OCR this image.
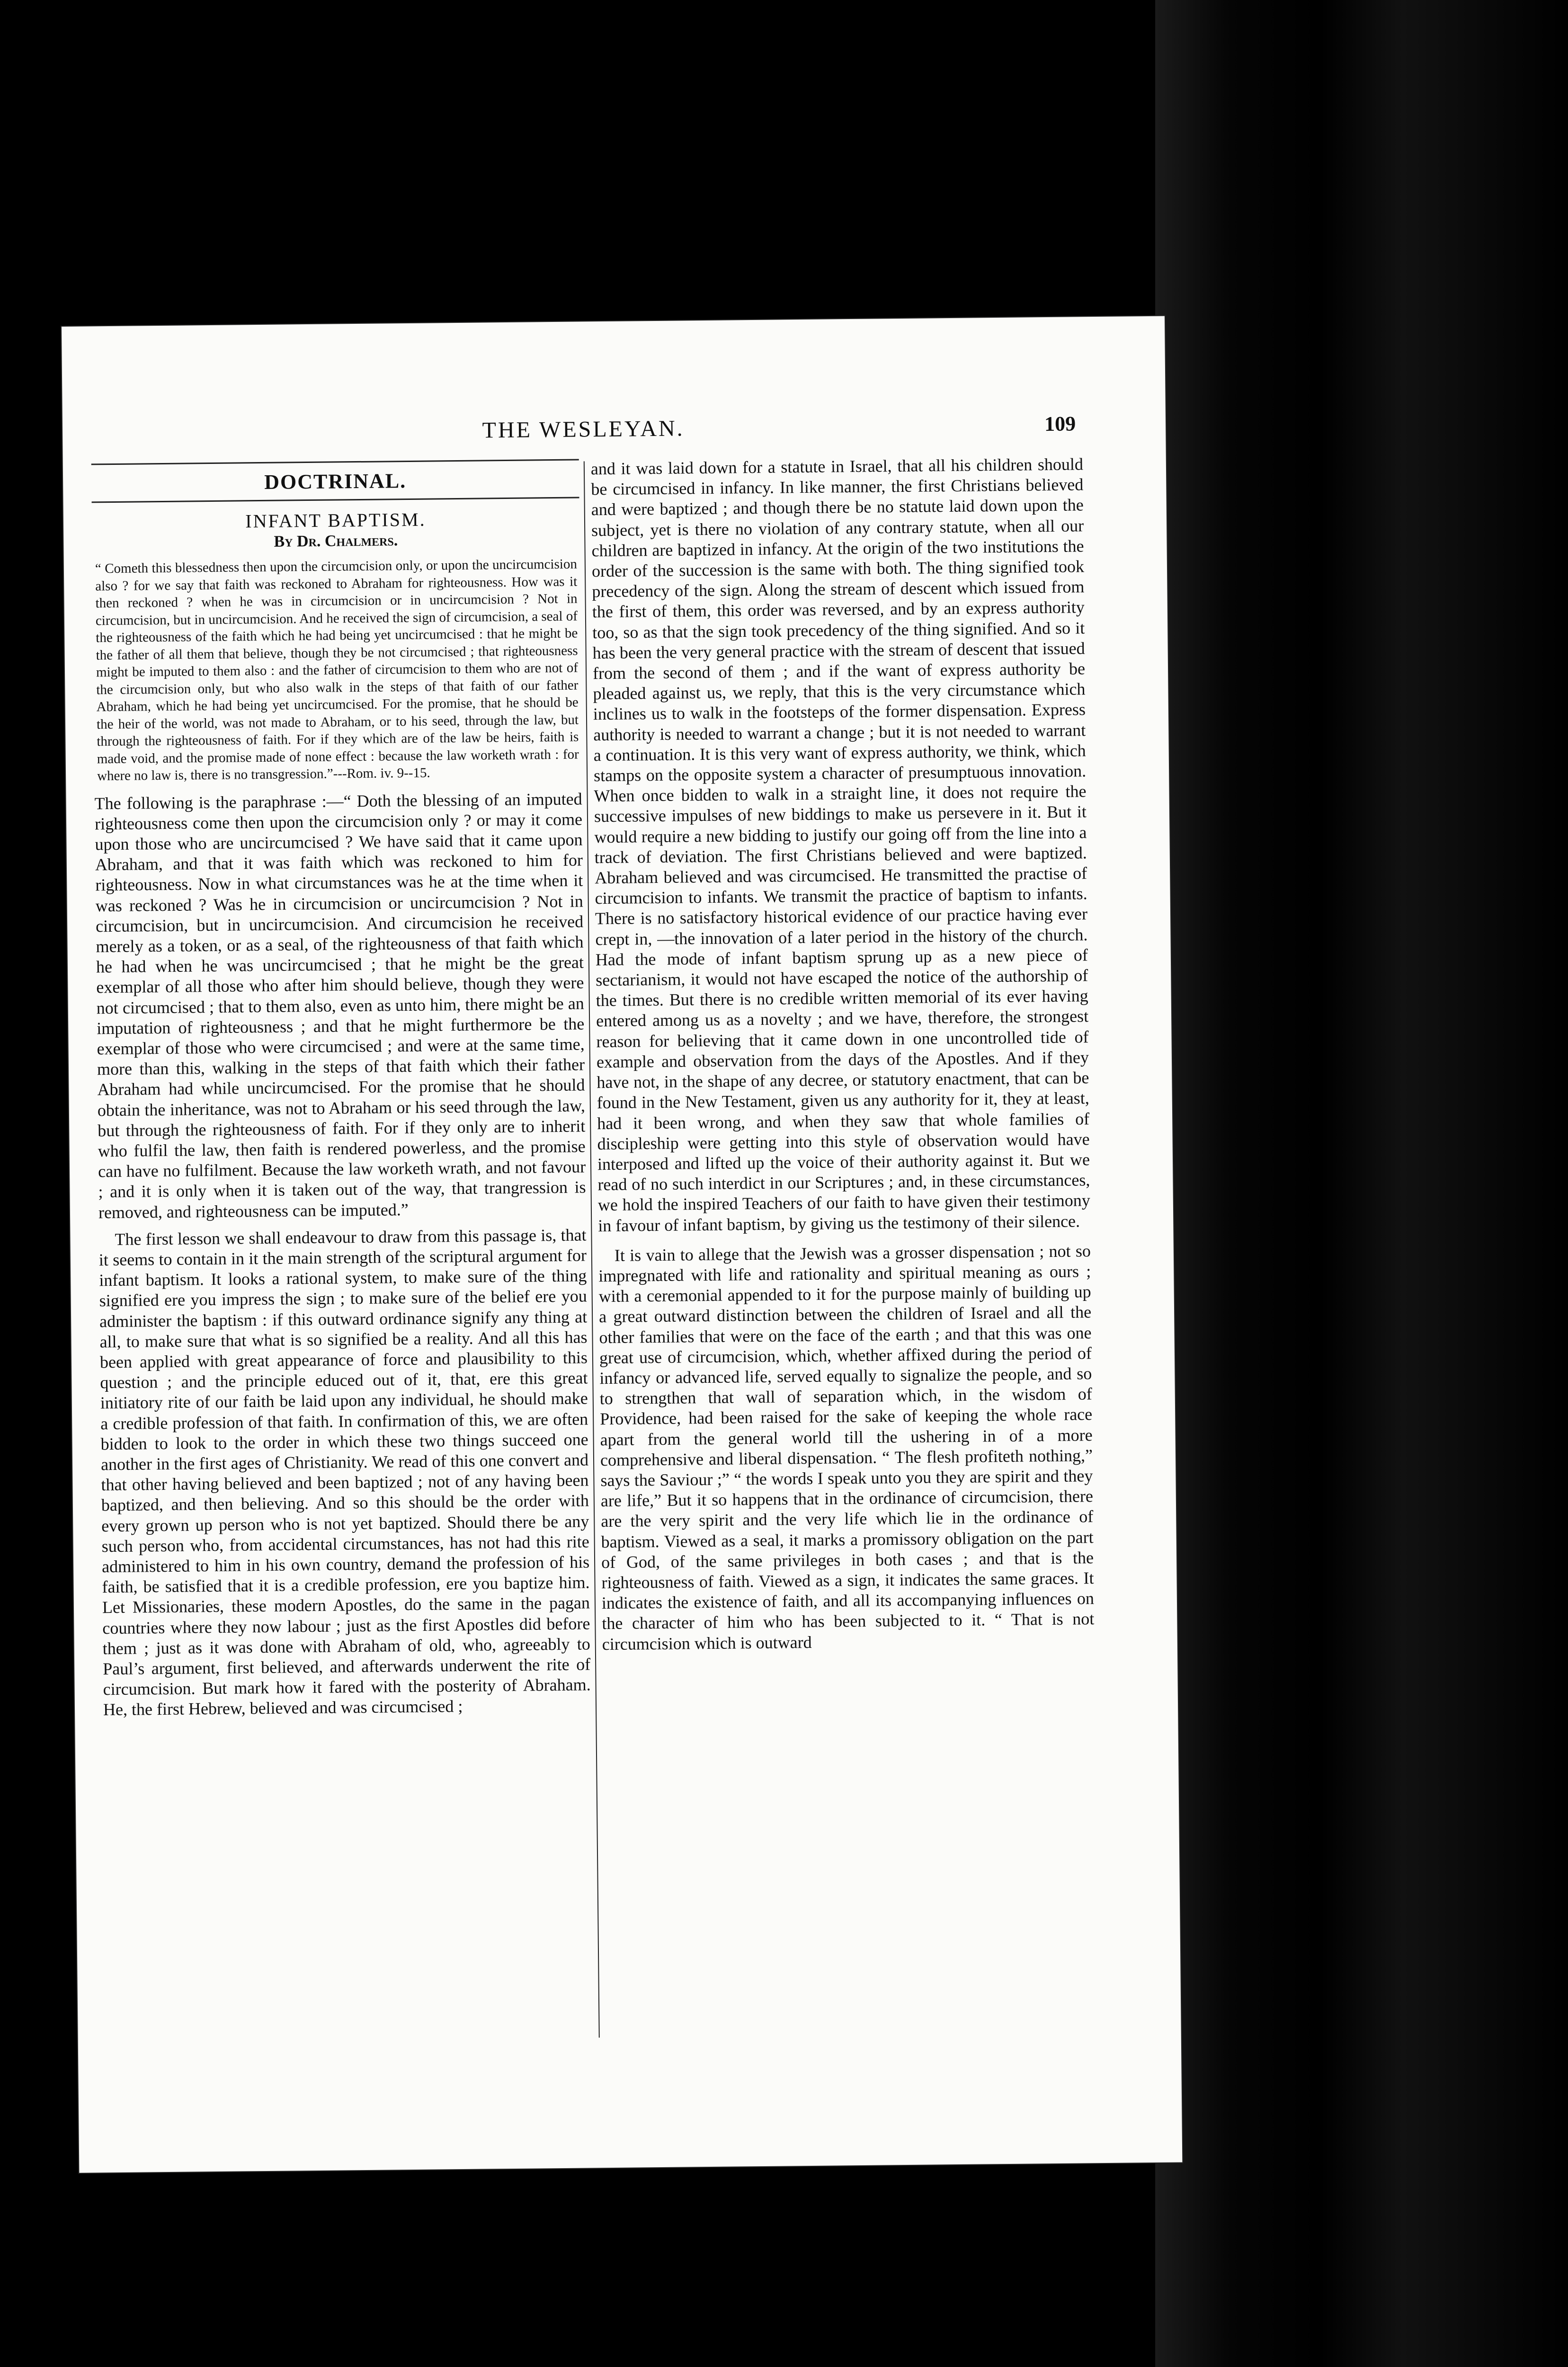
THE WESLEYAN.	109
DOCTRINAL.
INFANT BAPTISM.
By Dr. Chalmers.

“ Cometh this blessedness then upon the circumcision only, or upon the uncircumcision also ? for we say that faith was reckoned to Abraham for righteousness. How was it then reckoned ? when he was in circumcision or in uncircumcision ? Not in circumcision, but in uncircumcision. And he received the sign of circumcision, a seal of the righteousness of the faith which he had being yet uncircumcised : that he might be the father of all them that believe, though they be not circumcised ; that righteousness might be imputed to them also : and the father of circumcision to them who are not of the circumcision only, but who also walk in the steps of that faith of our father Abraham, which he had being yet uncircumcised. For the promise, that he should be the heir of the world, was not made to Abraham, or to his seed, through the law, but through the righteousness of faith. For if they which are of the law be heirs, faith is made void, and the promise made of none effect : because the law worketh wrath : for where no law is, there is no transgression.”---Rom. iv. 9--15.

The following is the paraphrase :—“ Doth the blessing of an imputed righteousness come then upon the circumcision only ? or may it come upon those who are uncircumcised ? We have said that it came upon Abraham, and that it was faith which was reckoned to him for righteousness. Now in what circumstances was he at the time when it was reckoned ? Was he in circumcision or uncircumcision ? Not in circumcision, but in uncircumcision. And circumcision he received merely as a token, or as a seal, of the righteousness of that faith which he had when he was uncircumcised ; that he might be the great exemplar of all those who after him should believe, though they were not circumcised ; that to them also, even as unto him, there might be an imputation of righteousness ; and that he might furthermore be the exemplar of those who were circumcised ; and were at the same time, more than this, walking in the steps of that faith which their father Abraham had while uncircumcised. For the promise that he should obtain the inheritance, was not to Abraham or his seed through the law, but through the righteousness of faith. For if they only are to inherit who fulfil the law, then faith is rendered powerless, and the promise can have no fulfilment. Because the law worketh wrath, and not favour ; and it is only when it is taken out of the way, that trangression is removed, and righteousness can be imputed.”

The first lesson we shall endeavour to draw from this passage is, that it seems to contain in it the main strength of the scriptural argument for infant baptism. It looks a rational system, to make sure of the thing signified ere you impress the sign ; to make sure of the belief ere you administer the baptism : if this outward ordinance signify any thing at all, to make sure that what is so signified be a reality. And all this has been applied with great appearance of force and plausibility to this question ; and the principle educed out of it, that, ere this great initiatory rite of our faith be laid upon any individual, he should make a credible profession of that faith. In confirmation of this, we are often bidden to look to the order in which these two things succeed one another in the first ages of Christianity. We read of this one convert and that other having believed and been baptized ; not of any having been baptized, and then believing. And so this should be the order with every grown up person who is not yet baptized. Should there be any such person who, from accidental circumstances, has not had this rite administered to him in his own country, demand the profession of his faith, be satisfied that it is a credible profession, ere you baptize him. Let Missionaries, these modern Apostles, do the same in the pagan countries where they now labour ; just as the first Apostles did before them ; just as it was done with Abraham of old, who, agreeably to Paul’s argument, first believed, and afterwards underwent the rite of circumcision. But mark how it fared with the posterity of Abraham. He, the first Hebrew, believed and was circumcised ;

and it was laid down for a statute in Israel, that all his children should be circumcised in infancy. In like manner, the first Christians believed and were baptized ; and though there be no statute laid down upon the subject, yet is there no violation of any contrary statute, when all our children are baptized in infancy. At the origin of the two institutions the order of the succession is the same with both. The thing signified took precedency of the sign. Along the stream of descent which issued from the first of them, this order was reversed, and by an express authority too, so as that the sign took precedency of the thing signified. And so it has been the very general practice with the stream of descent that issued from the second of them ; and if the want of express authority be pleaded against us, we reply, that this is the very circumstance which inclines us to walk in the footsteps of the former dispensation. Express authority is needed to warrant a change ; but it is not needed to warrant a continuation. It is this very want of express authority, we think, which stamps on the opposite system a character of presumptuous innovation. When once bidden to walk in a straight line, it does not require the successive impulses of new biddings to make us persevere in it. But it would require a new bidding to justify our going off from the line into a track of deviation. The first Christians believed and were baptized. Abraham believed and was circumcised. He transmitted the practise of circumcision to infants. We transmit the practice of baptism to infants. There is no satisfactory historical evidence of our practice having ever crept in, —the innovation of a later period in the history of the church. Had the mode of infant baptism sprung up as a new piece of sectarianism, it would not have escaped the notice of the authorship of the times. But there is no credible written memorial of its ever having entered among us as a novelty ; and we have, therefore, the strongest reason for believing that it came down in one uncontrolled tide of example and observation from the days of the Apostles. And if they have not, in the shape of any decree, or statutory enactment, that can be found in the New Testament, given us any authority for it, they at least, had it been wrong, and when they saw that whole families of discipleship were getting into this style of observation would have interposed and lifted up the voice of their authority against it. But we read of no such interdict in our Scriptures ; and, in these circumstances, we hold the inspired Teachers of our faith to have given their testimony in favour of infant baptism, by giving us the testimony of their silence.

It is vain to allege that the Jewish was a grosser dispensation ; not so impregnated with life and rationality and spiritual meaning as ours ; with a ceremonial appended to it for the purpose mainly of building up a great outward distinction between the children of Israel and all the other families that were on the face of the earth ; and that this was one great use of circumcision, which, whether affixed during the period of infancy or advanced life, served equally to signalize the people, and so to strengthen that wall of separation which, in the wisdom of Providence, had been raised for the sake of keeping the whole race apart from the general world till the ushering in of a more comprehensive and liberal dispensation. “ The flesh profiteth nothing,” says the Saviour ;” “ the words I speak unto you they are spirit and they are life,” But it so happens that in the ordinance of circumcision, there are the very spirit and the very life which lie in the ordinance of baptism. Viewed as a seal, it marks a promissory obligation on the part of God, of the same privileges in both cases ; and that is the righteousness of faith. Viewed as a sign, it indicates the same graces. It indicates the existence of faith, and all its accompanying influences on the character of him who has been subjected to it. “ That is not circumcision which is outward
